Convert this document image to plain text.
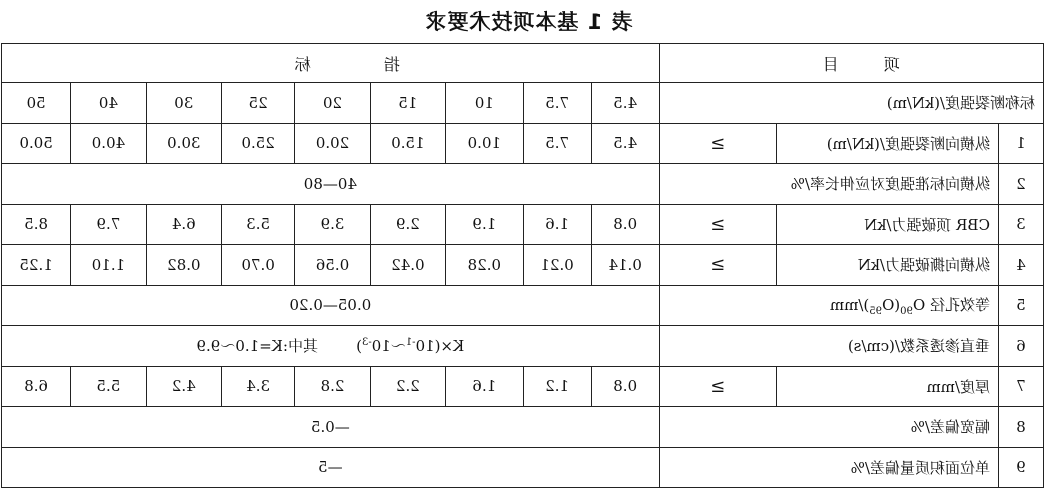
表 1 基本项技术要求
项 目			指 标								
标称断裂强度/(kN/m)			4.5	7.5	10	15	20	25	30	40	50
1	纵横向断裂强度/(kN/m)	≥	4.5	7.5	10.0	15.0	20.0	25.0	30.0	40.0	50.0
2	纵横向标准强度对应伸长率/%		40—80								
3	CBR 顶破强力/kN	≥	0.8	1.6	1.9	2.9	3.9	5.3	6.4	7.9	8.5
4	纵横向撕破强力/kN	≥	0.14	0.21	0.28	0.42	0.56	0.70	0.82	1.10	1.25
5	等效孔径 $O_{90}(O_{95})/mm$		0.05—0.20								
6	垂直渗透系数/(cm/s)		$K\times(10^{-1}\sim 10^{-3})$        其中:K=1.0～9.9								
7	厚度/mm	≥	0.8	1.2	1.6	2.2	2.8	3.4	4.2	5.5	6.8
8	幅宽偏差/%		—0.5								
9	单位面积质量偏差/%		—5								
